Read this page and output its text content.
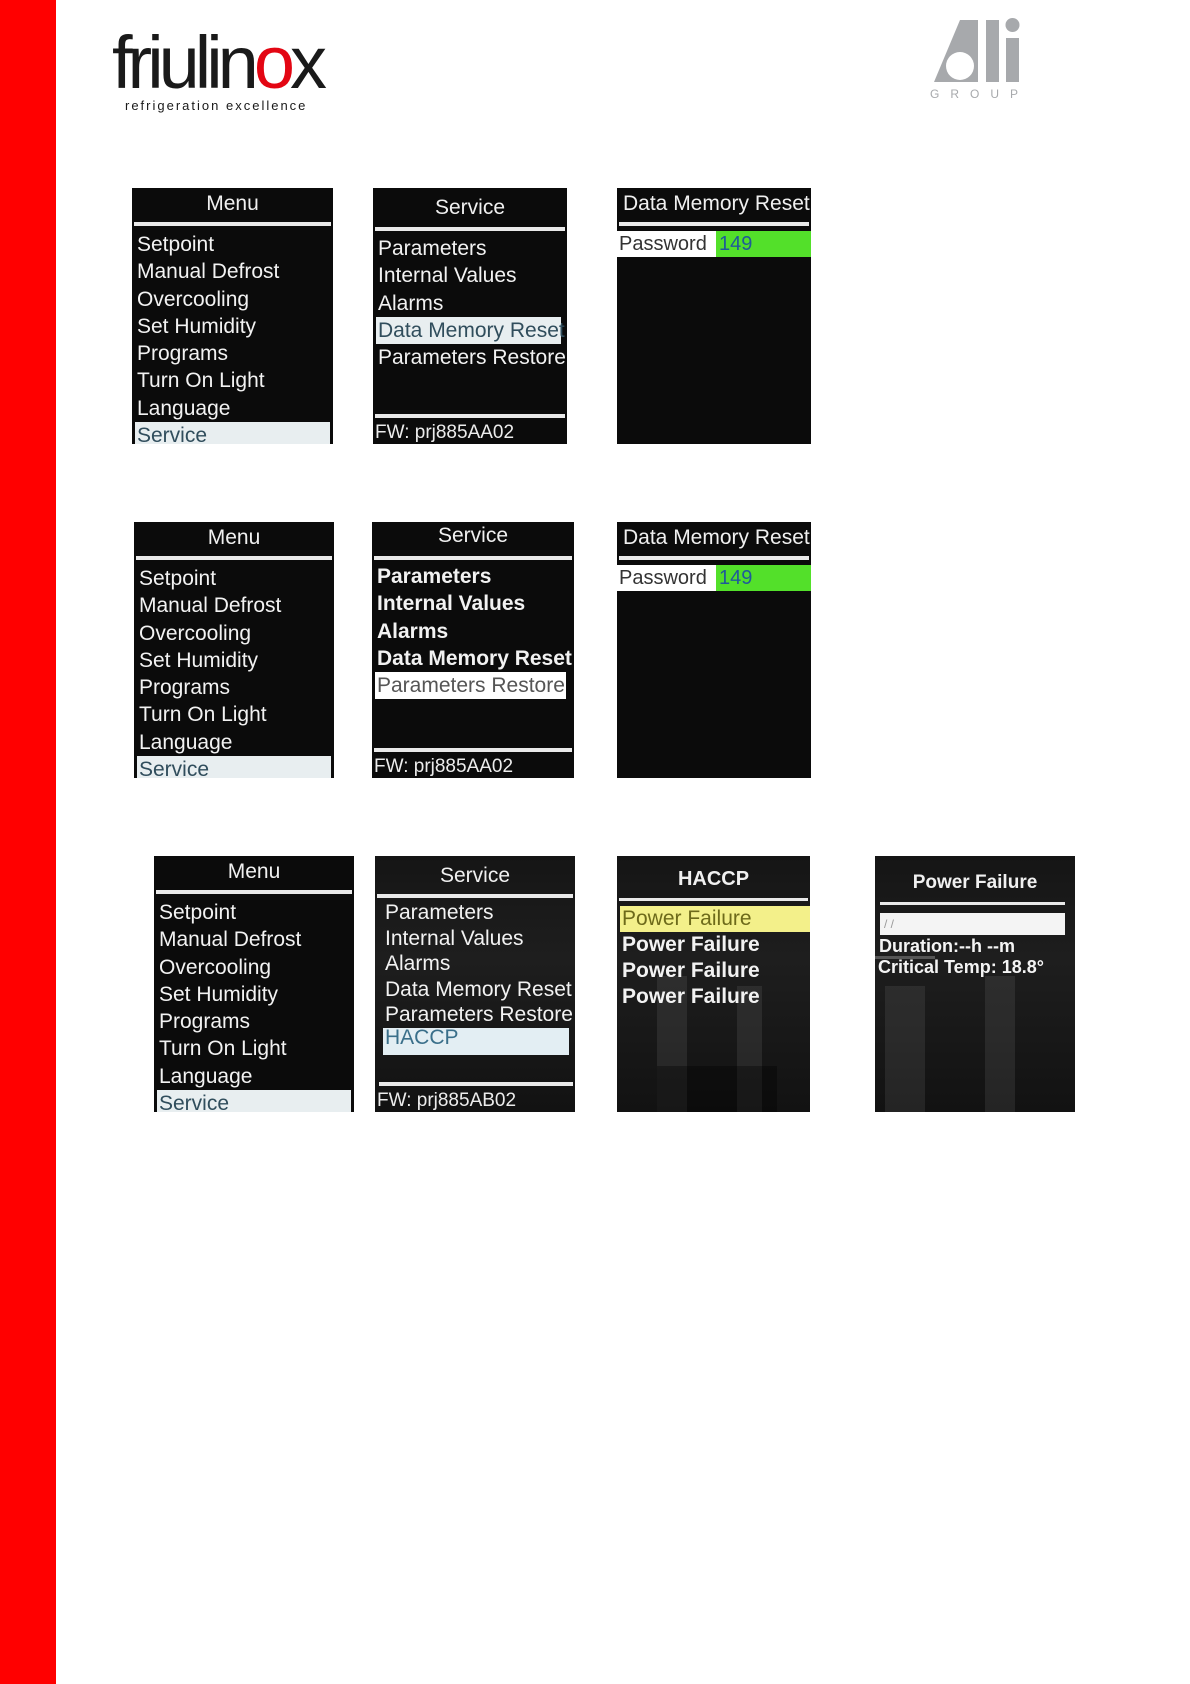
friulinox
refrigeration excellence
GROUP
Menu
Setpoint
Manual Defrost
Overcooling
Set Humidity
Programs
Turn On Light
Language
Service
Service
Parameters
Internal Values
Alarms
Data Memory Reset
Parameters Restore
FW: prj885AA02
Data Memory Reset
Password 149
Menu
Setpoint
Manual Defrost
Overcooling
Set Humidity
Programs
Turn On Light
Language
Service
Service
Parameters
Internal Values
Alarms
Data Memory Reset
Parameters Restore
FW: prj885AA02
Data Memory Reset
Password 149
Menu
Setpoint
Manual Defrost
Overcooling
Set Humidity
Programs
Turn On Light
Language
Service
Service
Parameters
Internal Values
Alarms
Data Memory Reset
Parameters Restore
HACCP
FW: prj885AB02
HACCP
Power Failure
Power Failure
Power Failure
Power Failure
Power Failure
/ /
Duration:--h --m
Critical Temp: 18.8°
